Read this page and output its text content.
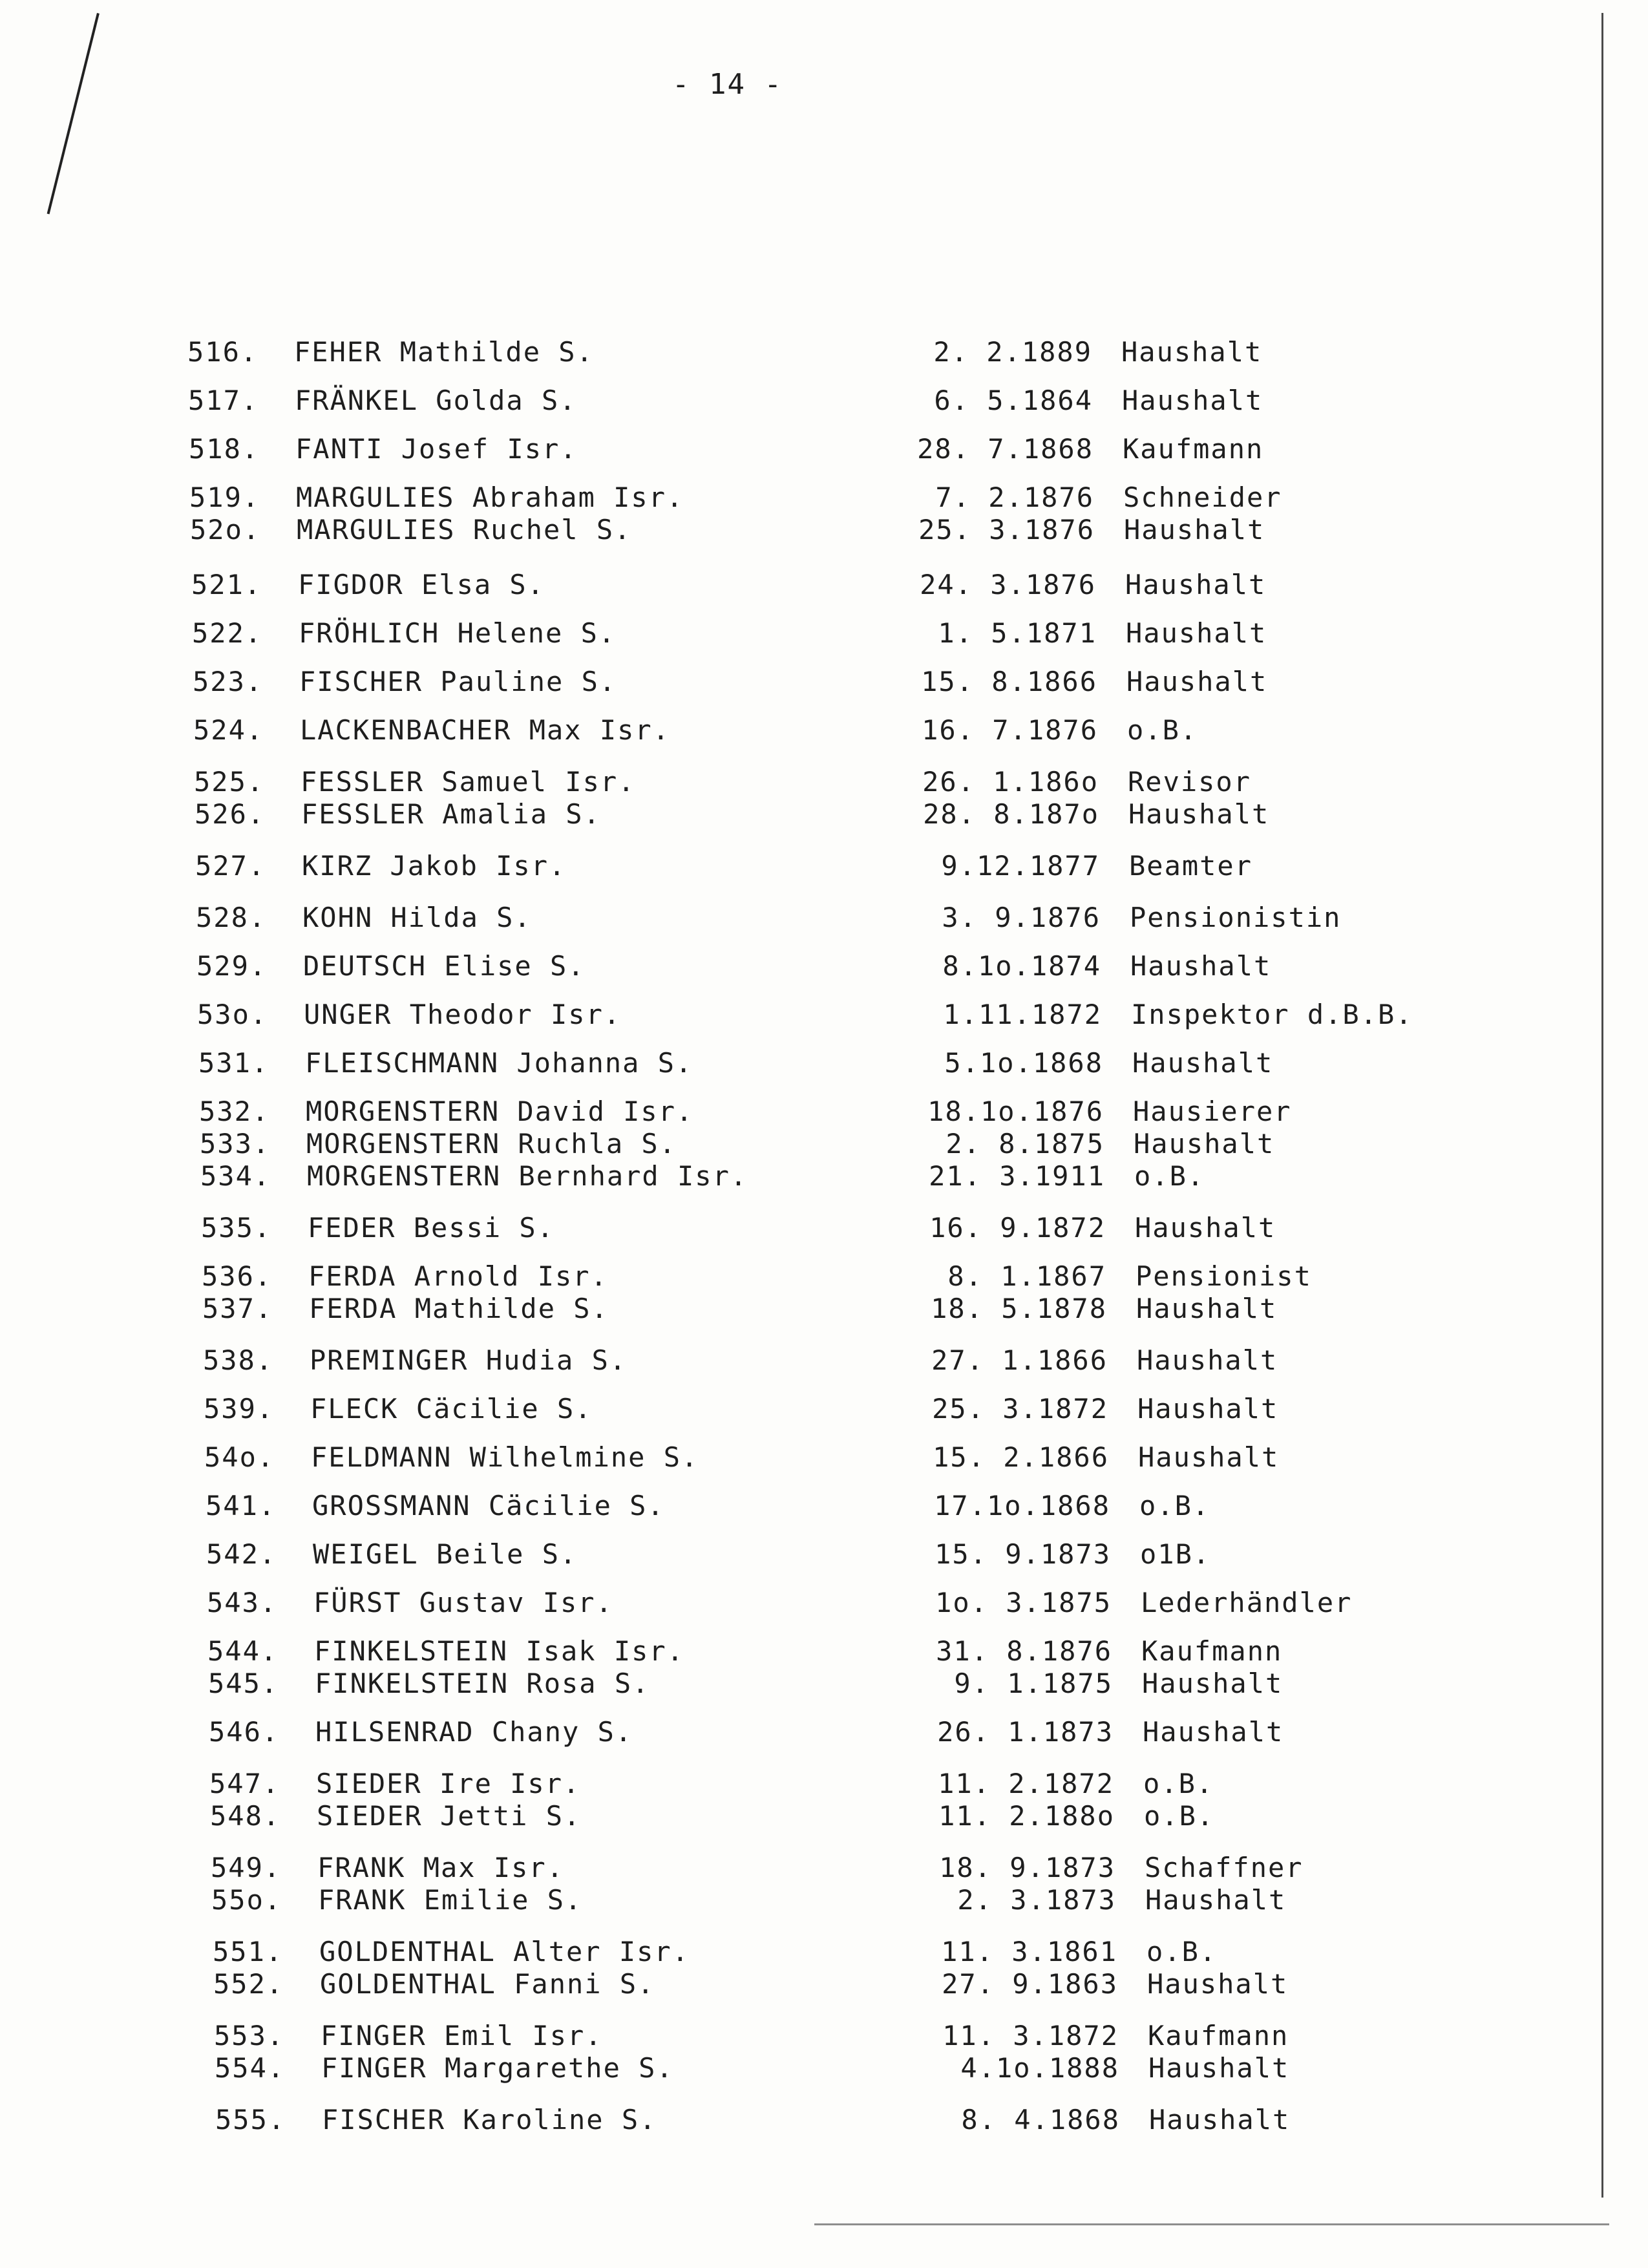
- 14 -
516.	FEHER Mathilde S.	2. 2.1889 Haushalt
517.	FRÄNKEL Golda S.	6. 5.1864 Haushalt
518.	FANTI Josef Isr.	28. 7.1868 Kaufmann
519.	MARGULIES Abraham Isr.	7. 2.1876 Schneider
52o.	MARGULIES Ruchel S.	25. 3.1876 Haushalt
521.	FIGDOR Elsa S.	24. 3.1876 Haushalt
522.	FRÖHLICH Helene S.	1. 5.1871 Haushalt
523.	FISCHER Pauline S.	15. 8.1866 Haushalt
524.	LACKENBACHER Max Isr.	16. 7.1876 o.B.
525.	FESSLER Samuel Isr.	26. 1.186o Revisor
526.	FESSLER Amalia S.	28. 8.187o Haushalt
527.	KIRZ Jakob Isr.	9.12.1877 Beamter
528.	KOHN Hilda S.	3. 9.1876 Pensionistin
529.	DEUTSCH Elise S.	8.1o.1874 Haushalt
53o.	UNGER Theodor Isr.	1.11.1872 Inspektor d.B.B.
531.	FLEISCHMANN Johanna S.	5.1o.1868 Haushalt
532.	MORGENSTERN David Isr.	18.1o.1876 Hausierer
533.	MORGENSTERN Ruchla S.	2. 8.1875 Haushalt
534.	MORGENSTERN Bernhard Isr.	21. 3.1911 o.B.
535.	FEDER Bessi S.	16. 9.1872 Haushalt
536.	FERDA Arnold Isr.	8. 1.1867 Pensionist
537.	FERDA Mathilde S.	18. 5.1878 Haushalt
538.	PREMINGER Hudia S.	27. 1.1866 Haushalt
539.	FLECK Cäcilie S.	25. 3.1872 Haushalt
54o.	FELDMANN Wilhelmine S.	15. 2.1866 Haushalt
541.	GROSSMANN Cäcilie S.	17.1o.1868 o.B.
542.	WEIGEL Beile S.	15. 9.1873 o1B.
543.	FÜRST Gustav Isr.	1o. 3.1875 Lederhändler
544.	FINKELSTEIN Isak Isr.	31. 8.1876 Kaufmann
545.	FINKELSTEIN Rosa S.	9. 1.1875 Haushalt
546.	HILSENRAD Chany S.	26. 1.1873 Haushalt
547.	SIEDER Ire Isr.	11. 2.1872 o.B.
548.	SIEDER Jetti S.	11. 2.188o o.B.
549.	FRANK Max Isr.	18. 9.1873 Schaffner
55o.	FRANK Emilie S.	2. 3.1873 Haushalt
551.	GOLDENTHAL Alter Isr.	11. 3.1861 o.B.
552.	GOLDENTHAL Fanni S.	27. 9.1863 Haushalt
553.	FINGER Emil Isr.	11. 3.1872 Kaufmann
554.	FINGER Margarethe S.	4.1o.1888 Haushalt
555.	FISCHER Karoline S.	8. 4.1868 Haushalt
